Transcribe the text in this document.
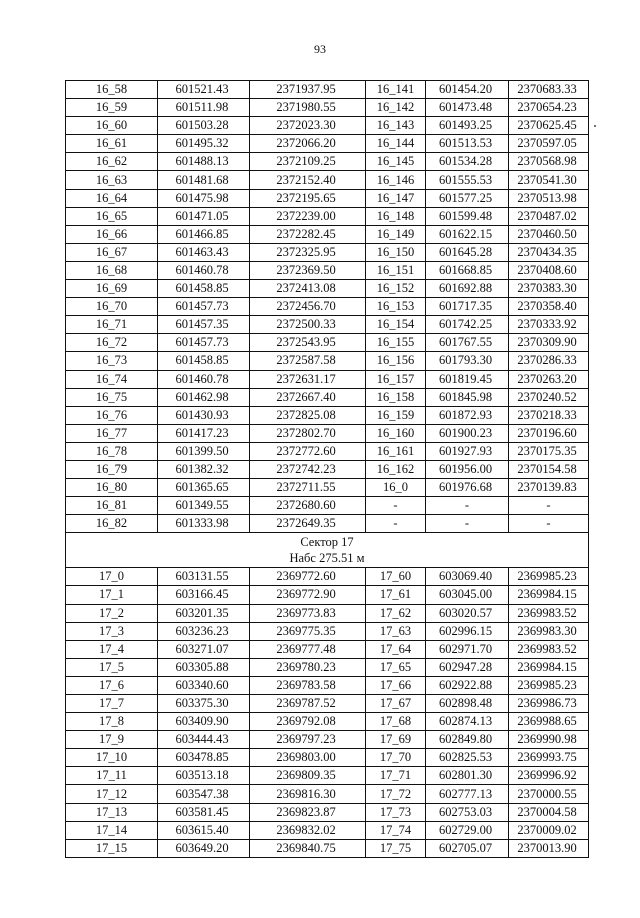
93
16_58	601521.43	2371937.95	16_141	601454.20	2370683.33
16_59	601511.98	2371980.55	16_142	601473.48	2370654.23
16_60	601503.28	2372023.30	16_143	601493.25	2370625.45
16_61	601495.32	2372066.20	16_144	601513.53	2370597.05
16_62	601488.13	2372109.25	16_145	601534.28	2370568.98
16_63	601481.68	2372152.40	16_146	601555.53	2370541.30
16_64	601475.98	2372195.65	16_147	601577.25	2370513.98
16_65	601471.05	2372239.00	16_148	601599.48	2370487.02
16_66	601466.85	2372282.45	16_149	601622.15	2370460.50
16_67	601463.43	2372325.95	16_150	601645.28	2370434.35
16_68	601460.78	2372369.50	16_151	601668.85	2370408.60
16_69	601458.85	2372413.08	16_152	601692.88	2370383.30
16_70	601457.73	2372456.70	16_153	601717.35	2370358.40
16_71	601457.35	2372500.33	16_154	601742.25	2370333.92
16_72	601457.73	2372543.95	16_155	601767.55	2370309.90
16_73	601458.85	2372587.58	16_156	601793.30	2370286.33
16_74	601460.78	2372631.17	16_157	601819.45	2370263.20
16_75	601462.98	2372667.40	16_158	601845.98	2370240.52
16_76	601430.93	2372825.08	16_159	601872.93	2370218.33
16_77	601417.23	2372802.70	16_160	601900.23	2370196.60
16_78	601399.50	2372772.60	16_161	601927.93	2370175.35
16_79	601382.32	2372742.23	16_162	601956.00	2370154.58
16_80	601365.65	2372711.55	16_0	601976.68	2370139.83
16_81	601349.55	2372680.60	-	-	-
16_82	601333.98	2372649.35	-	-	-

Сектор 17
Набс 275.51 м					

17_0	603131.55	2369772.60	17_60	603069.40	2369985.23
17_1	603166.45	2369772.90	17_61	603045.00	2369984.15
17_2	603201.35	2369773.83	17_62	603020.57	2369983.52
17_3	603236.23	2369775.35	17_63	602996.15	2369983.30
17_4	603271.07	2369777.48	17_64	602971.70	2369983.52
17_5	603305.88	2369780.23	17_65	602947.28	2369984.15
17_6	603340.60	2369783.58	17_66	602922.88	2369985.23
17_7	603375.30	2369787.52	17_67	602898.48	2369986.73
17_8	603409.90	2369792.08	17_68	602874.13	2369988.65
17_9	603444.43	2369797.23	17_69	602849.80	2369990.98
17_10	603478.85	2369803.00	17_70	602825.53	2369993.75
17_11	603513.18	2369809.35	17_71	602801.30	2369996.92
17_12	603547.38	2369816.30	17_72	602777.13	2370000.55
17_13	603581.45	2369823.87	17_73	602753.03	2370004.58
17_14	603615.40	2369832.02	17_74	602729.00	2370009.02
17_15	603649.20	2369840.75	17_75	602705.07	2370013.90
